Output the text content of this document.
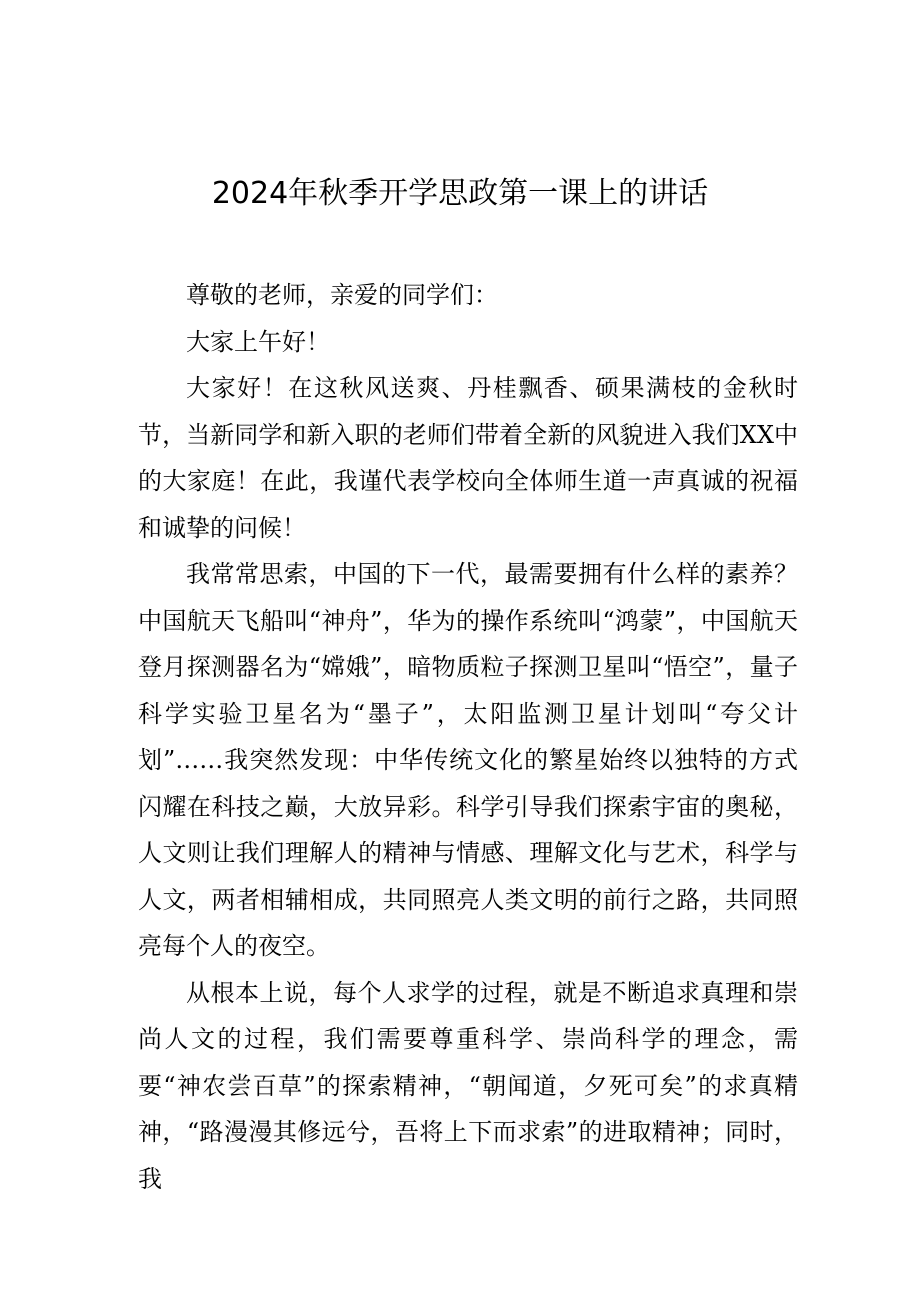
2024年秋季开学思政第一课上的讲话

尊敬的老师，亲爱的同学们：

大家上午好！

大家好！在这秋风送爽、丹桂飘香、硕果满枝的金秋时节，当新同学和新入职的老师们带着全新的风貌进入我们XX中的大家庭！在此，我谨代表学校向全体师生道一声真诚的祝福和诚挚的问候！

我常常思索，中国的下一代，最需要拥有什么样的素养？中国航天飞船叫“神舟”，华为的操作系统叫“鸿蒙”，中国航天登月探测器名为“嫦娥”，暗物质粒子探测卫星叫“悟空”，量子科学实验卫星名为“墨子”，太阳监测卫星计划叫“夸父计划”……我突然发现：中华传统文化的繁星始终以独特的方式闪耀在科技之巅，大放异彩。科学引导我们探索宇宙的奥秘，人文则让我们理解人的精神与情感、理解文化与艺术，科学与人文，两者相辅相成，共同照亮人类文明的前行之路，共同照亮每个人的夜空。

从根本上说，每个人求学的过程，就是不断追求真理和崇尚人文的过程，我们需要尊重科学、崇尚科学的理念，需要“神农尝百草”的探索精神，“朝闻道，夕死可矣”的求真精神，“路漫漫其修远兮，吾将上下而求索”的进取精神；同时，我
